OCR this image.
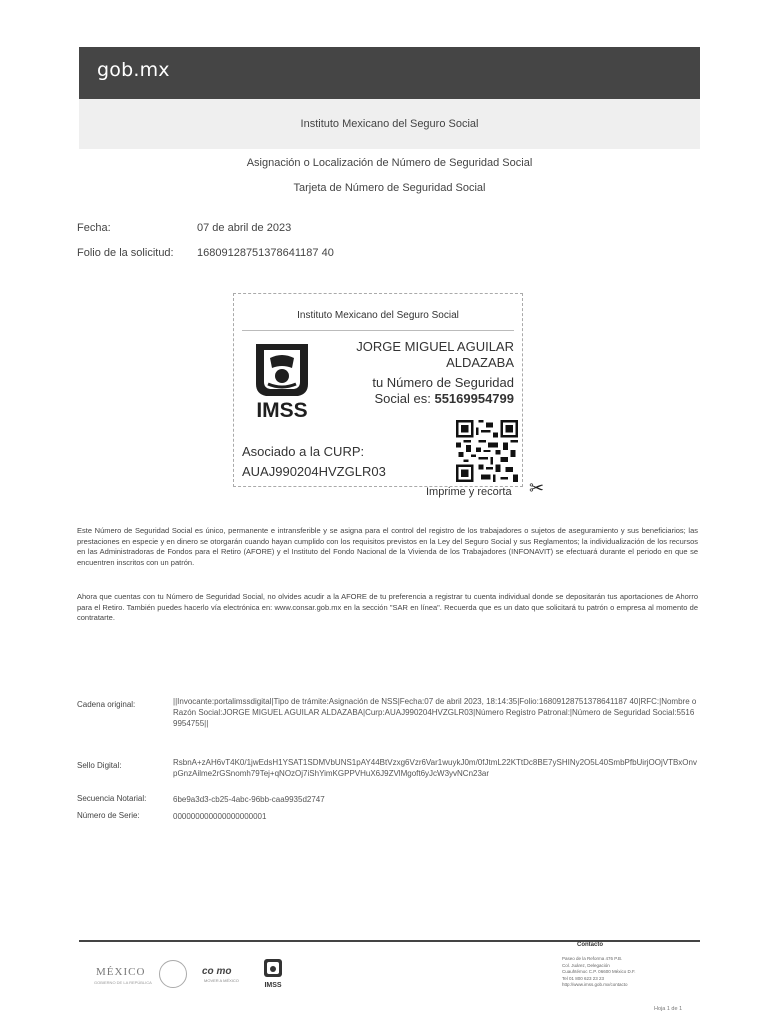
gob.mx
Instituto Mexicano del Seguro Social
Asignación o Localización de Número de Seguridad Social
Tarjeta de Número de Seguridad Social
Fecha:	07 de abril de 2023
Folio de la solicitud: 16809128751378641187 40
Instituto Mexicano del Seguro Social
IMSS
JORGE MIGUEL AGUILAR
ALDAZABA
tu Número de Seguridad
Social es: 55169954799
Asociado a la CURP:
AUAJ990204HVZGLR03
Imprime y recorta ✂
Este Número de Seguridad Social es único, permanente e intransferible y se asigna para el control del registro de los trabajadores o sujetos de aseguramiento y sus beneficiarios; las prestaciones en especie y en dinero se otorgarán cuando hayan cumplido con los requisitos previstos en la Ley del Seguro Social y sus Reglamentos; la individualización de los recursos en las Administradoras de Fondos para el Retiro (AFORE) y el Instituto del Fondo Nacional de la Vivienda de los Trabajadores (INFONAVIT) se efectuará durante el periodo en que se encuentren inscritos con un patrón.
Ahora que cuentas con tu Número de Seguridad Social, no olvides acudir a la AFORE de tu preferencia a registrar tu cuenta individual donde se depositarán tus aportaciones de Ahorro para el Retiro. También puedes hacerlo vía electrónica en: www.consar.gob.mx en la sección "SAR en línea". Recuerda que es un dato que solicitará tu patrón o empresa al momento de contratarte.
Cadena original:	||Invocante:portalimssdigital|Tipo de trámite:Asignación de NSS|Fecha:07 de abril 2023, 18:14:35|Folio:16809128751378641187 40|RFC:|Nombre o Razón Social:JORGE MIGUEL AGUILAR ALDAZABA|Curp:AUAJ990204HVZGLR03|Número Registro Patronal:|Número de Seguridad Social:55169954755||
Sello Digital:	RsbnA+zAH6vT4K0/1jwEdsH1YSAT1SDMVbUNS1pAY44BtVzxg6Vzr6Var1wuykJ0m/0fJtmL22KTtDc8BE7ySHINy2O5L40SmbPfbUirjOOjVTBxOnvpGnzAilme2rGSnomh79Tej+qNOzOj7iShYimKGPPVHuX6J9ZVlMgoft6yJcW3yvNCn23ar
Secuencia Notarial:	6be9a3d3-cb25-4abc-96bb-caa9935d2747
Número de Serie:	000000000000000000001
MÉXICO
GOBIERNO DE LA REPÚBLICA
co mo
MOVER A MÉXICO
IMSS
Contacto
Paseo de la Reforma 476 P.B.
Col. Juárez, Delegación
Cuauhtémoc C.P. 06600 México D.F.
Tel 01 800 623 23 23
http://www.imss.gob.mx/contacto
Hoja 1 de 1
